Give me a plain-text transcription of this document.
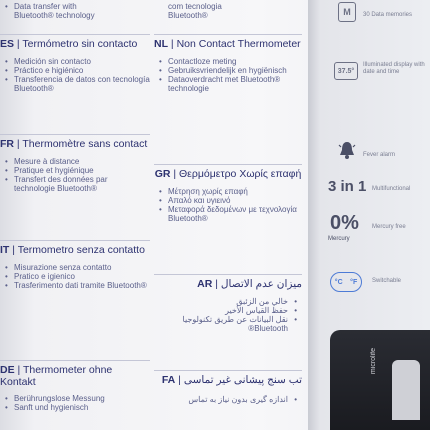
• Data transfer with
Bluetooth® technology
ES | Termómetro sin contacto
• Medición sin contacto
• Práctico e higiénico
• Transferencia de datos con tecnología Bluetooth®
FR | Thermomètre sans contact
• Mesure à distance
• Pratique et hygiénique
• Transfert des données par technologie Bluetooth®
IT | Termometro senza contatto
• Misurazione senza contatto
• Pratico e igienico
• Trasferimento dati tramite Bluetooth®
DE | Thermometer ohne Kontakt
• Berührungslose Messung
• Sanft und hygienisch
com tecnologia
Bluetooth®
NL | Non Contact Thermometer
• Contactloze meting
• Gebruiksvriendelijk en hygiënisch
• Dataoverdracht met Bluetooth® technologie
GR | Θερμόμετρο Χωρίς επαφή
• Μέτρηση χωρίς επαφή
• Απαλό και υγιεινό
• Μεταφορά δεδομένων με τεχνολογία Bluetooth®
ميزان عدم الاتصال | AR
• خالي من الزئبق
• حفظ القياس الأخير
• نقل البيانات عن طريق تكنولوجيا
Bluetooth®
تب سنج پیشانی غیر تماسی | FA
• اندازه گیری بدون نیاز به تماس
M	30 Data memories
37.5°
Illuminated display with date and time
Fever alarm
3 in 1 Multifunctional
0%
Mercury
Mercury free
°C °F Switchable
microlife
